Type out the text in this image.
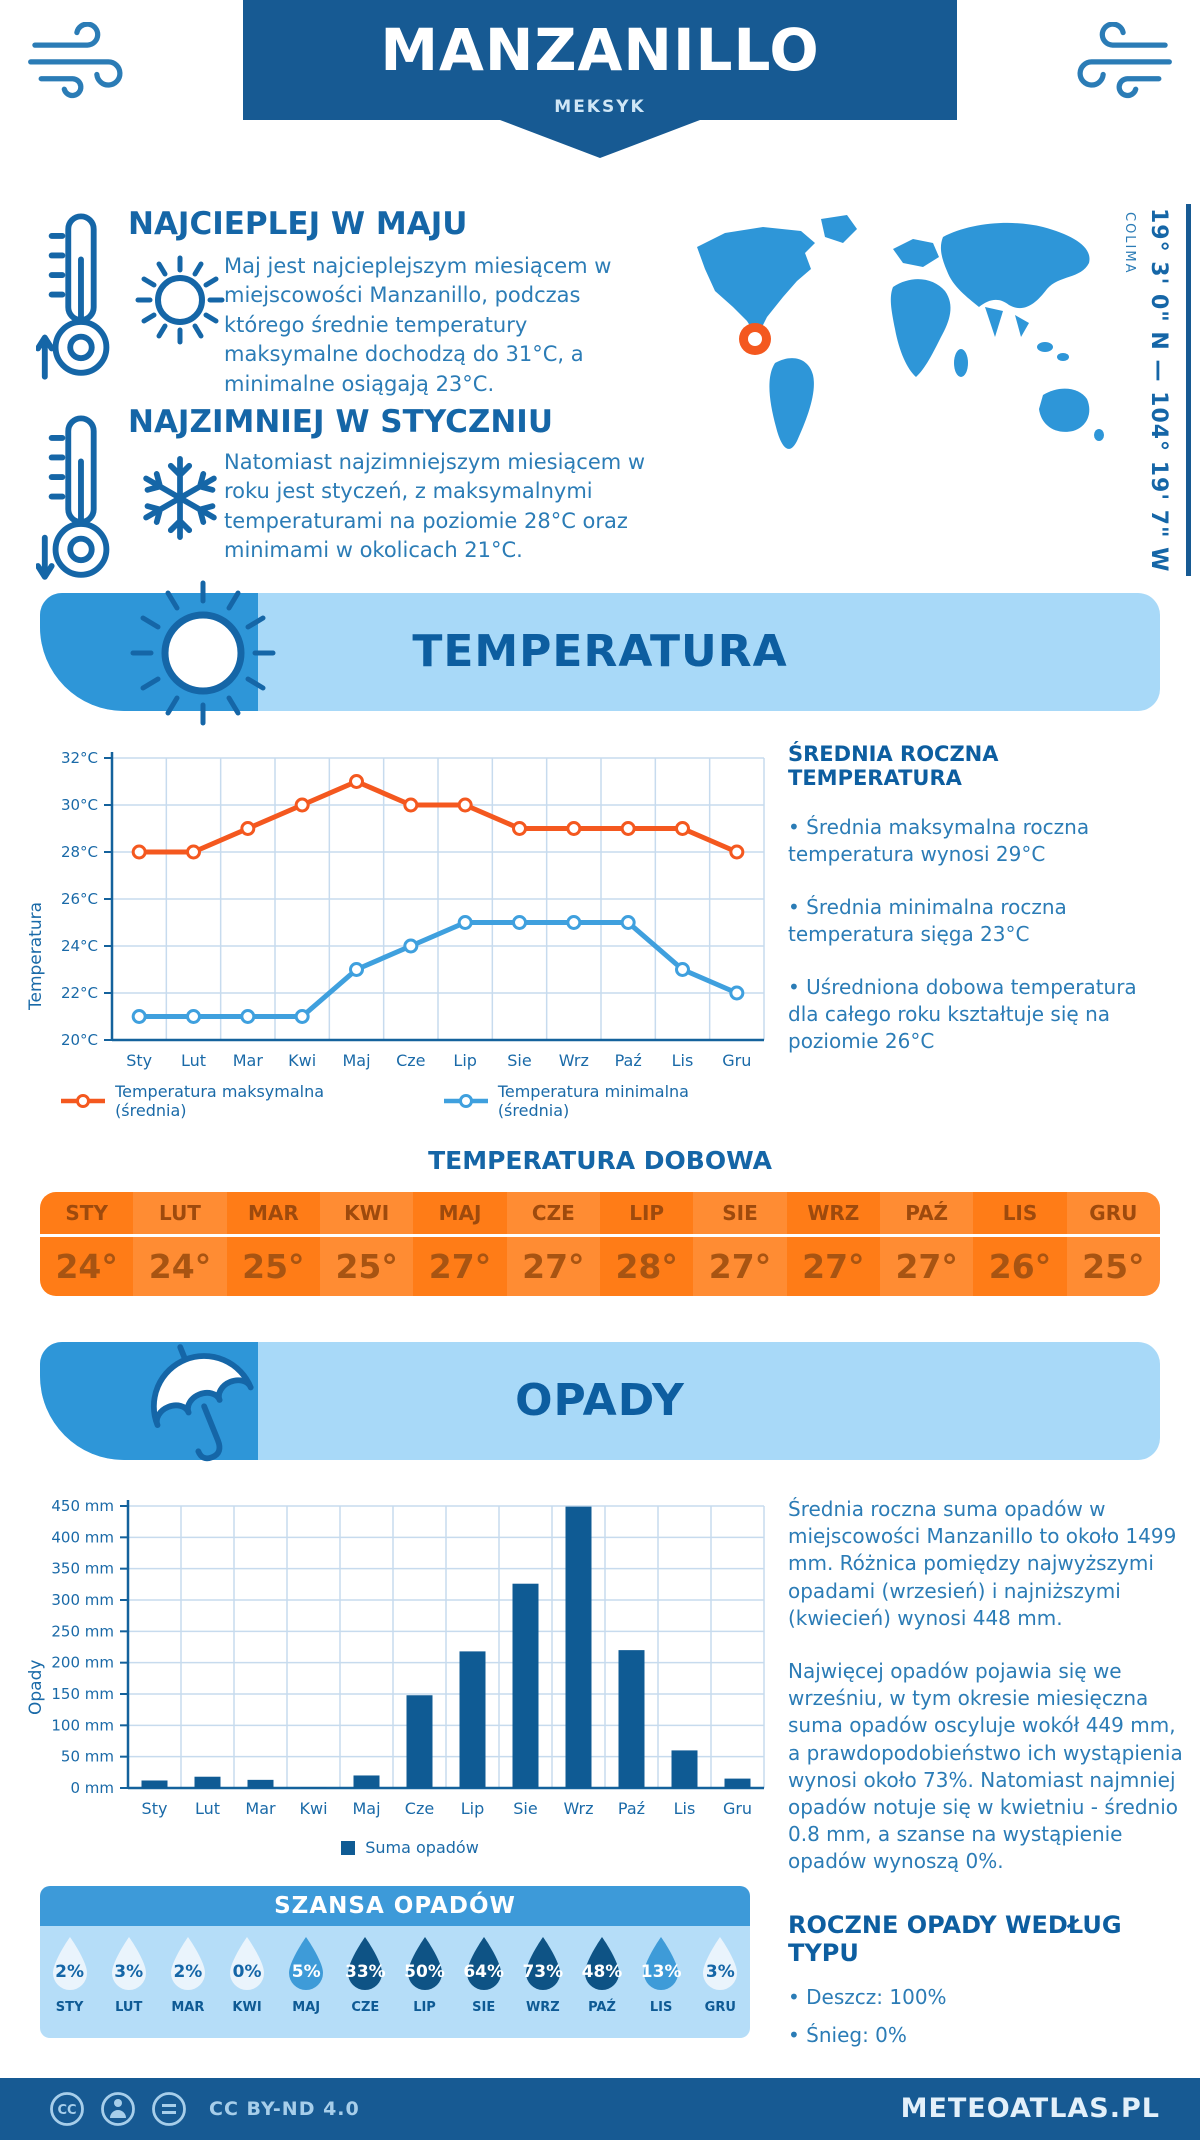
MANZANILLO
MEKSYK
NAJCIEPLEJ W MAJU
Maj jest najcieplejszym miesiącem w miejscowości Manzanillo, podczas którego średnie temperatury maksymalne dochodzą do 31°C, a minimalne osiągają 23°C.
NAJZIMNIEJ W STYCZNIU
Natomiast najzimniejszym miesiącem w roku jest styczeń, z maksymalnymi temperaturami na poziomie 28°C oraz minimami w okolicach 21°C.
COLIMA 19° 3' 0" N — 104° 19' 7" W
TEMPERATURA
Temperatura
20°C
22°C
24°C
26°C
28°C
30°C
32°C
Sty Lut Mar Kwi Maj Cze Lip Sie Wrz Paź Lis Gru
Temperatura maksymalna (średnia)
Temperatura minimalna (średnia)
ŚREDNIA ROCZNA TEMPERATURA
• Średnia maksymalna roczna temperatura wynosi 29°C
• Średnia minimalna roczna temperatura sięga 23°C
• Uśredniona dobowa temperatura dla całego roku kształtuje się na poziomie 26°C
TEMPERATURA DOBOWA
STY
24°
LUT
24°
MAR
25°
KWI
25°
MAJ
27°
CZE
27°
LIP
28°
SIE
27°
WRZ
27°
PAŹ
27°
LIS
26°
GRU
25°
OPADY
Opady
0 mm
50 mm
100 mm
150 mm
200 mm
250 mm
300 mm
350 mm
400 mm
450 mm
Sty Lut Mar Kwi Maj Cze Lip Sie Wrz Paź Lis Gru
Suma opadów
Średnia roczna suma opadów w miejscowości Manzanillo to około 1499 mm. Różnica pomiędzy najwyższymi opadami (wrzesień) i najniższymi (kwiecień) wynosi 448 mm.
Najwięcej opadów pojawia się we wrześniu, w tym okresie miesięczna suma opadów oscyluje wokół 449 mm, a prawdopodobieństwo ich wystąpienia wynosi około 73%. Natomiast najmniej opadów notuje się w kwietniu - średnio 0.8 mm, a szanse na wystąpienie opadów wynoszą 0%.
ROCZNE OPADY WEDŁUG TYPU
• Deszcz: 100%
• Śnieg: 0%
SZANSA OPADÓW
2%
STY
3%
LUT
2%
MAR
0%
KWI
5%
MAJ
33%
CZE
50%
LIP
64%
SIE
73%
WRZ
48%
PAŹ
13%
LIS
3%
GRU
CC	CC BY-ND 4.0	METEOATLAS.PL
